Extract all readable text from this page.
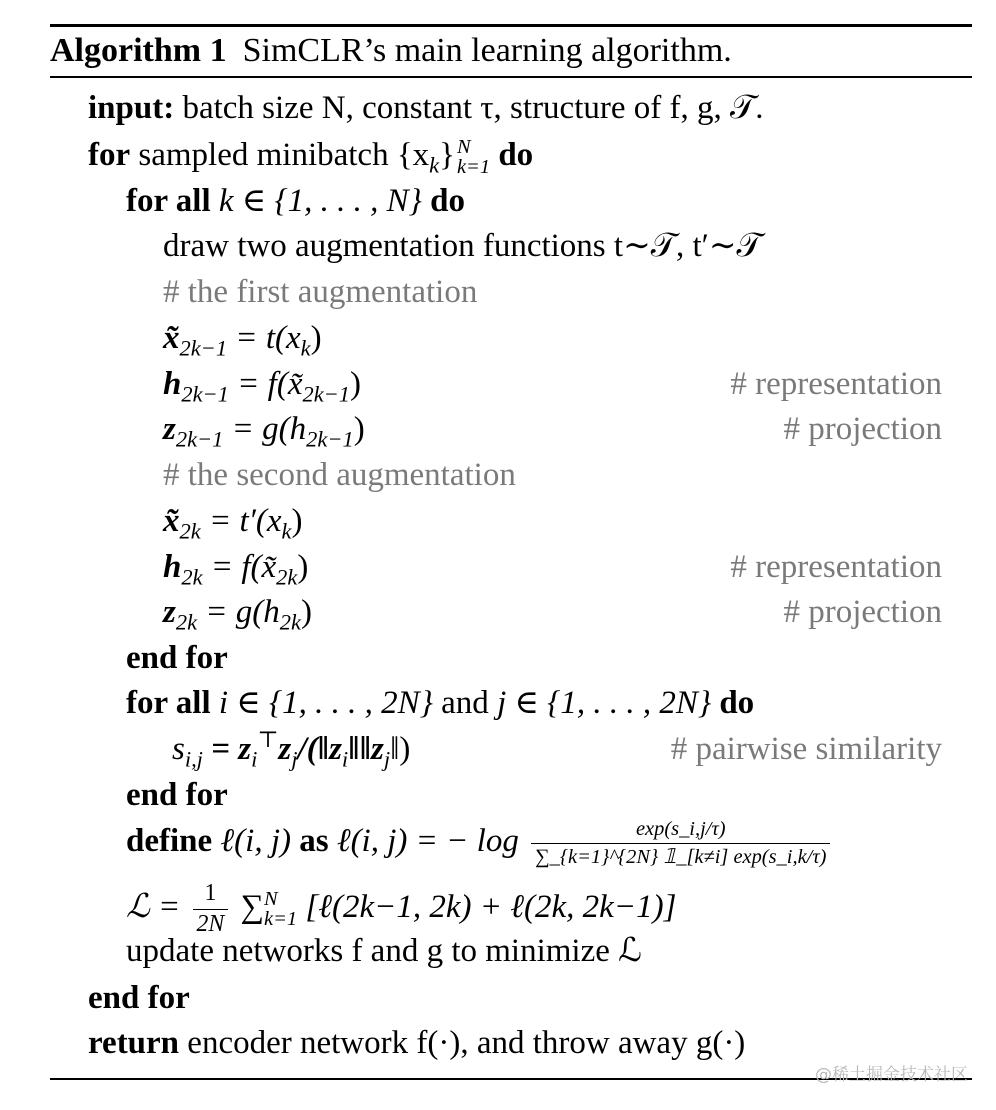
Algorithm 1 SimCLR’s main learning algorithm.
input: batch size N, constant τ, structure of f, g, 𝒯.
for sampled minibatch $\{x_k\}$ N
k=1 do
for all k ∈ {1, . . . , N} do
draw two augmentation functions t∼𝒯, t′∼𝒯
# the first augmentation
$x̃_{2k-1} = t(x_k)$
$h_{2k-1}$ = $f(x̃_{2k-1})$	# representation
$z_{2k-1} = g(h_{2k-1})$	# projection
# the second augmentation
$x̃_{2k} = t'(x_k)$
$h_{2k}$ = $f(x̃_{2k})$	# representation
$z_{2k} = g(h_{2k})$	# projection
end for
for all i ∈ {1, . . . , 2N} and j ∈ {1, . . . , 2N} do
$s_{i,j}$ = $z_i^⊤z_j/(‖z_i‖‖z_j‖)$	# pairwise similarity
end for
define ℓ(i, j) as ℓ(i, j) = − $\log \frac{\exp(s\_i,j/\tau)}{\sum\_\{k=1\}\^{}\{2N\} 𝟙\_[k\ne i] \exp(s\_i,k/\tau)}$
ℒ = $\frac{1}{2N}$ ∑ N
k=1 [ℓ(2k−1, 2k) + ℓ(2k, 2k−1)]
update networks f and g to minimize ℒ
end for
return encoder network f(·), and throw away g(·)
@稀土掘金技术社区
